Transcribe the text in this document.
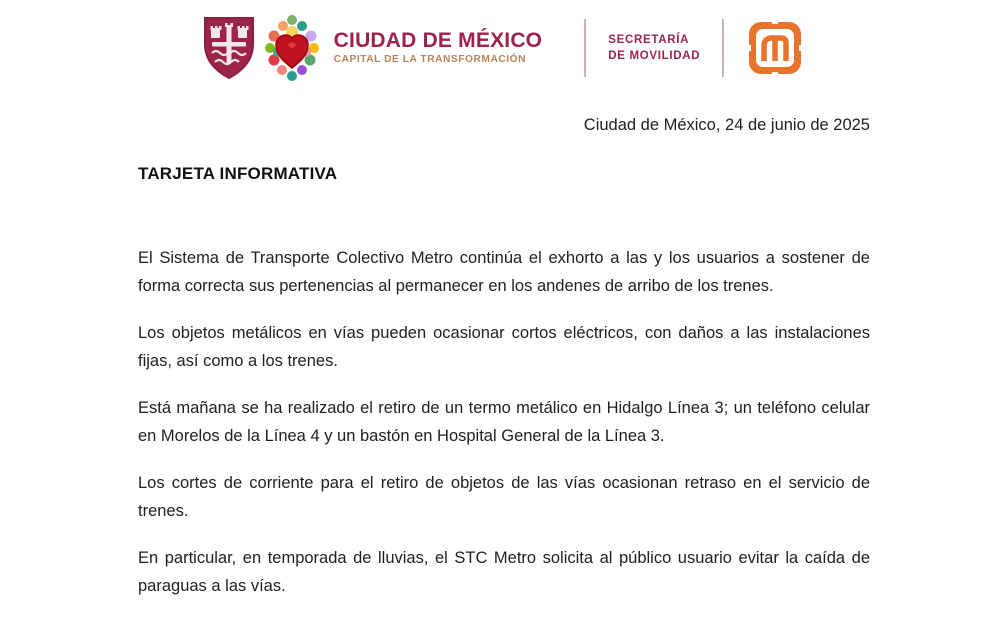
CIUDAD DE MÉXICO
CAPITAL DE LA TRANSFORMACIÓN
SECRETARÍA
DE MOVILIDAD
Ciudad de México, 24 de junio de 2025
TARJETA INFORMATIVA

El Sistema de Transporte Colectivo Metro continúa el exhorto a las y los usuarios a sostener de forma correcta sus pertenencias al permanecer en los andenes de arribo de los trenes.

Los objetos metálicos en vías pueden ocasionar cortos eléctricos, con daños a las instalaciones fijas, así como a los trenes.

Está mañana se ha realizado el retiro de un termo metálico en Hidalgo Línea 3; un teléfono celular en Morelos de la Línea 4 y un bastón en Hospital General de la Línea 3.

Los cortes de corriente para el retiro de objetos de las vías ocasionan retraso en el servicio de trenes.

En particular, en temporada de lluvias, el STC Metro solicita al público usuario evitar la caída de paraguas a las vías.
